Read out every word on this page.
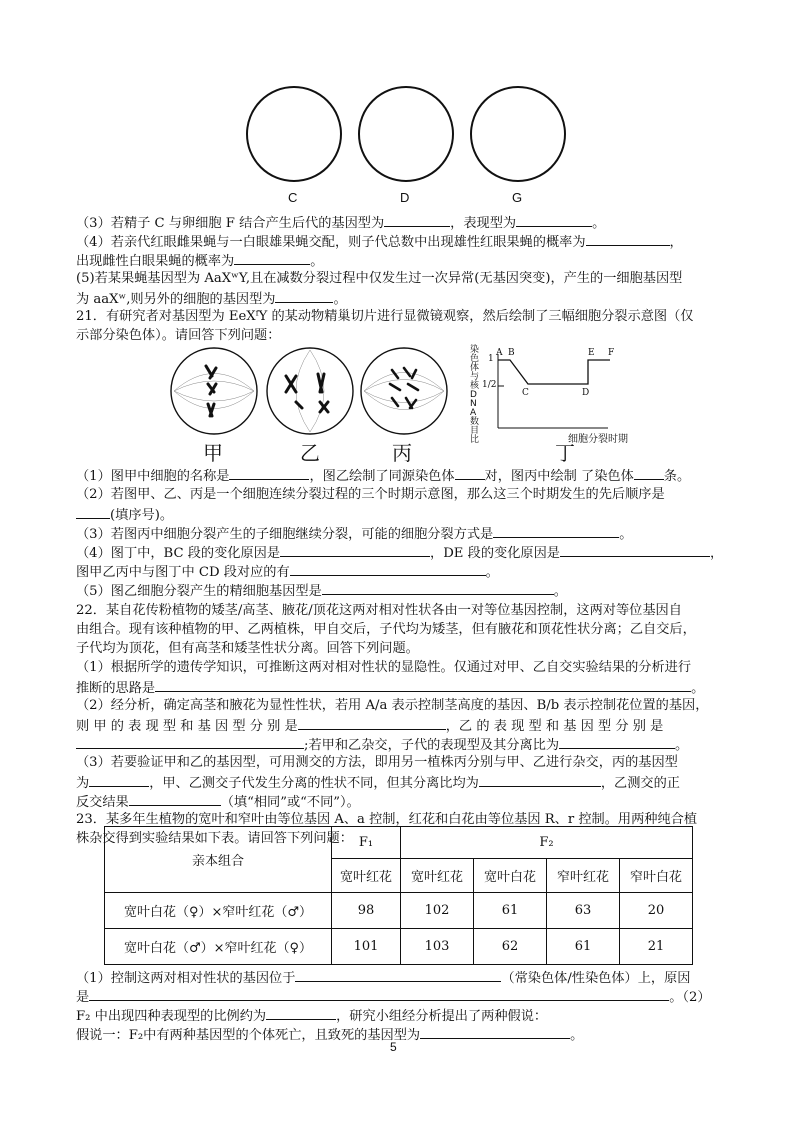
C	D	G
（3）若精子 C 与卵细胞 F 结合产生后代的基因型为	，表现型为	。
（4）若亲代红眼雌果蝇与一白眼雄果蝇交配，则子代总数中出现雄性红眼果蝇的概率为	，
出现雌性白眼果蝇的概率为	。
(5)若某果蝇基因型为 AaXʷY,且在减数分裂过程中仅发生过一次异常(无基因突变)，产生的一细胞基因型
为 aaXʷ,则另外的细胞的基因型为	。
21．有研究者对基因型为 EeXᶠY 的某动物精巢切片进行显微镜观察，然后绘制了三幅细胞分裂示意图（仅
示部分染色体）。请回答下列问题：
染色体与核DNA数目比
1
1/2
A B
C	D
E F
细胞分裂时期
甲	乙	丙	丁
（1）图甲中细胞的名称是	，图乙绘制了同源染色体 对，图丙中绘制 了染色体 条。
（2）若图甲、乙、丙是一个细胞连续分裂过程的三个时期示意图，那么这三个时期发生的先后顺序是
(填序号)。
（3）若图丙中细胞分裂产生的子细胞继续分裂，可能的细胞分裂方式是	。
（4）图丁中，BC 段的变化原因是	，DE 段的变化原因是	，
图甲乙丙中与图丁中 CD 段对应的有	。
（5）图乙细胞分裂产生的精细胞基因型是	。
22．某自花传粉植物的矮茎/高茎、腋花/顶花这两对相对性状各由一对等位基因控制，这两对等位基因自
由组合。现有该种植物的甲、乙两植株，甲自交后，子代均为矮茎，但有腋花和顶花性状分离；乙自交后，
子代均为顶花，但有高茎和矮茎性状分离。回答下列问题。
（1）根据所学的遗传学知识，可推断这两对相对性状的显隐性。仅通过对甲、乙自交实验结果的分析进行
推断的思路是	。
（2）经分析，确定高茎和腋花为显性性状，若用 A/a 表示控制茎高度的基因、B/b 表示控制花位置的基因，
则 甲 的 表 现 型 和 基 因 型 分 别 是	，乙 的 表 现 型 和 基 因 型 分 别 是
;若甲和乙杂交，子代的表现型及其分离比为	。
（3）若要验证甲和乙的基因型，可用测交的方法，即用另一植株丙分别与甲、乙进行杂交，丙的基因型
为	，甲、乙测交子代发生分离的性状不同，但其分离比均为	，乙测交的正
反交结果	（填“相同”或“不同”）。
23．某多年生植物的宽叶和窄叶由等位基因 A、a 控制，红花和白花由等位基因 R、r 控制。用两种纯合植
株杂交得到实验结果如下表。请回答下列问题：
亲本组合	F₁	F₂			
	宽叶红花	宽叶红花	宽叶白花	窄叶红花	窄叶白花
宽叶白花（♀）×窄叶红花（♂）	98	102	61	63	20
宽叶白花（♂）×窄叶红花（♀）	101	103	62	61	21
（1）控制这两对相对性状的基因位于	（常染色体/性染色体）上，原因
是	。（2）
F₂ 中出现四种表现型的比例约为	，研究小组经分析提出了两种假说：
假说一：F₂中有两种基因型的个体死亡，且致死的基因型为	。
5
